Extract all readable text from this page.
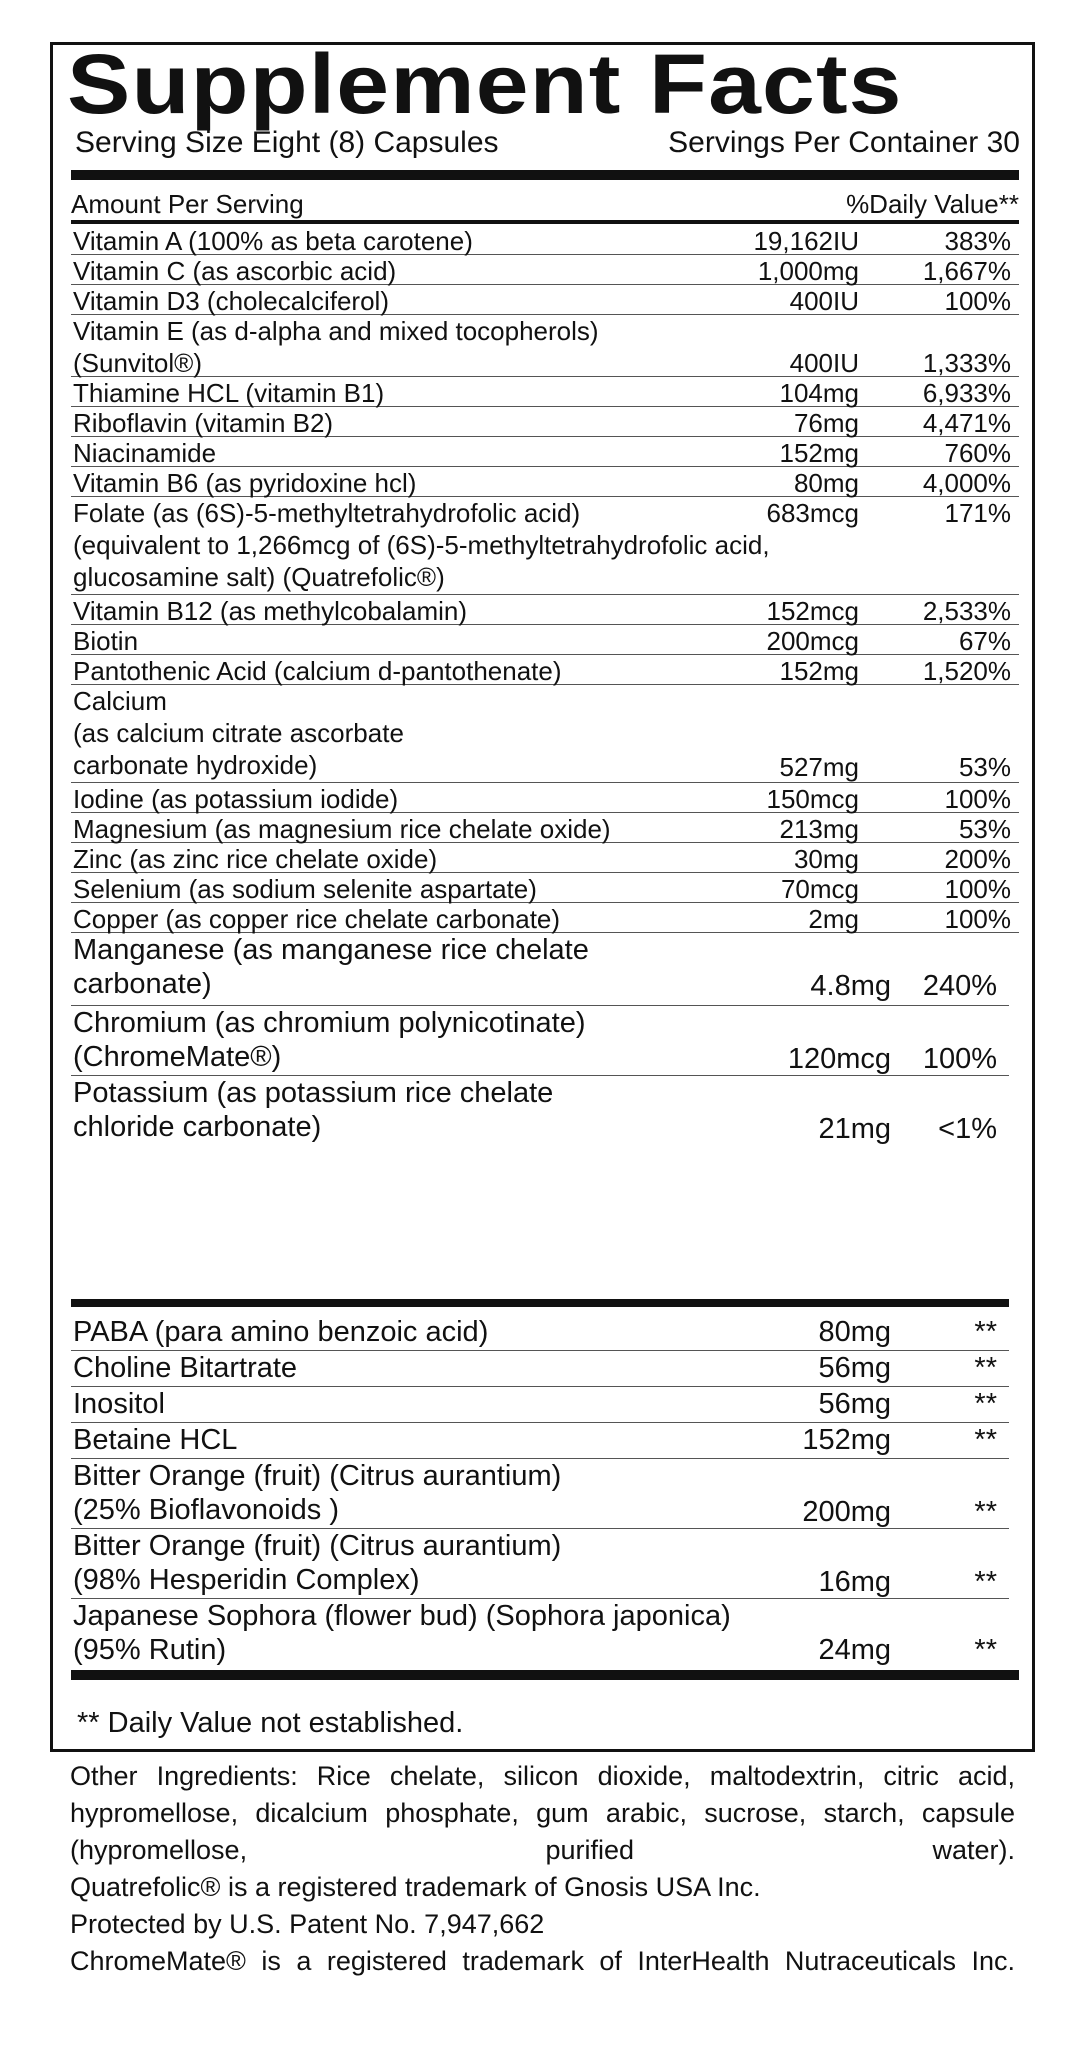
Supplement Facts
Serving Size Eight (8) Capsules	Servings Per Container 30
Amount Per Serving	%Daily Value**
Vitamin A (100% as beta carotene)	19,162IU	383%
Vitamin C (as ascorbic acid)	1,000mg 1,667%
Vitamin D3 (cholecalciferol)	400IU	100%
Vitamin E (as d-alpha and mixed tocopherols)
(Sunvitol®)	400IU 1,333%
Thiamine HCL (vitamin B1)	104mg 6,933%
Riboflavin (vitamin B2)	76mg 4,471%
Niacinamide	152mg	760%
Vitamin B6 (as pyridoxine hcl)	80mg 4,000%
Folate (as (6S)-5-methyltetrahydrofolic acid)
(equivalent to 1,266mcg of (6S)-5-methyltetrahydrofolic acid,
glucosamine salt) (Quatrefolic®)
683mcg	171%
Vitamin B12 (as methylcobalamin)	152mcg 2,533%
Biotin	200mcg	67%
Pantothenic Acid (calcium d-pantothenate)	152mg 1,520%
Calcium
(as calcium citrate ascorbate
carbonate hydroxide)	527mg	53%
Iodine (as potassium iodide)	150mcg	100%
Magnesium (as magnesium rice chelate oxide)	213mg	53%
Zinc (as zinc rice chelate oxide)	30mg	200%
Selenium (as sodium selenite aspartate)	70mcg	100%
Copper (as copper rice chelate carbonate)	2mg	100%
Manganese (as manganese rice chelate
carbonate)	4.8mg 240%
Chromium (as chromium polynicotinate)
(ChromeMate®)	120mcg 100%
Potassium (as potassium rice chelate
chloride carbonate)	21mg <1%
PABA (para amino benzoic acid)	80mg	**
Choline Bitartrate	56mg	**
Inositol	56mg	**
Betaine HCL	152mg	**
Bitter Orange (fruit) (Citrus aurantium)
(25% Bioflavonoids )	200mg	**
Bitter Orange (fruit) (Citrus aurantium)
(98% Hesperidin Complex)	16mg	**
Japanese Sophora (flower bud) (Sophora japonica)
(95% Rutin)	24mg	**
** Daily Value not established.

Other Ingredients: Rice chelate, silicon dioxide, maltodextrin, citric acid, hypromellose, dicalcium phosphate, gum arabic, sucrose, starch, capsule (hypromellose, purified water).

Quatrefolic® is a registered trademark of Gnosis USA Inc.

Protected by U.S. Patent No. 7,947,662

ChromeMate® is a registered trademark of InterHealth Nutraceuticals Inc.
